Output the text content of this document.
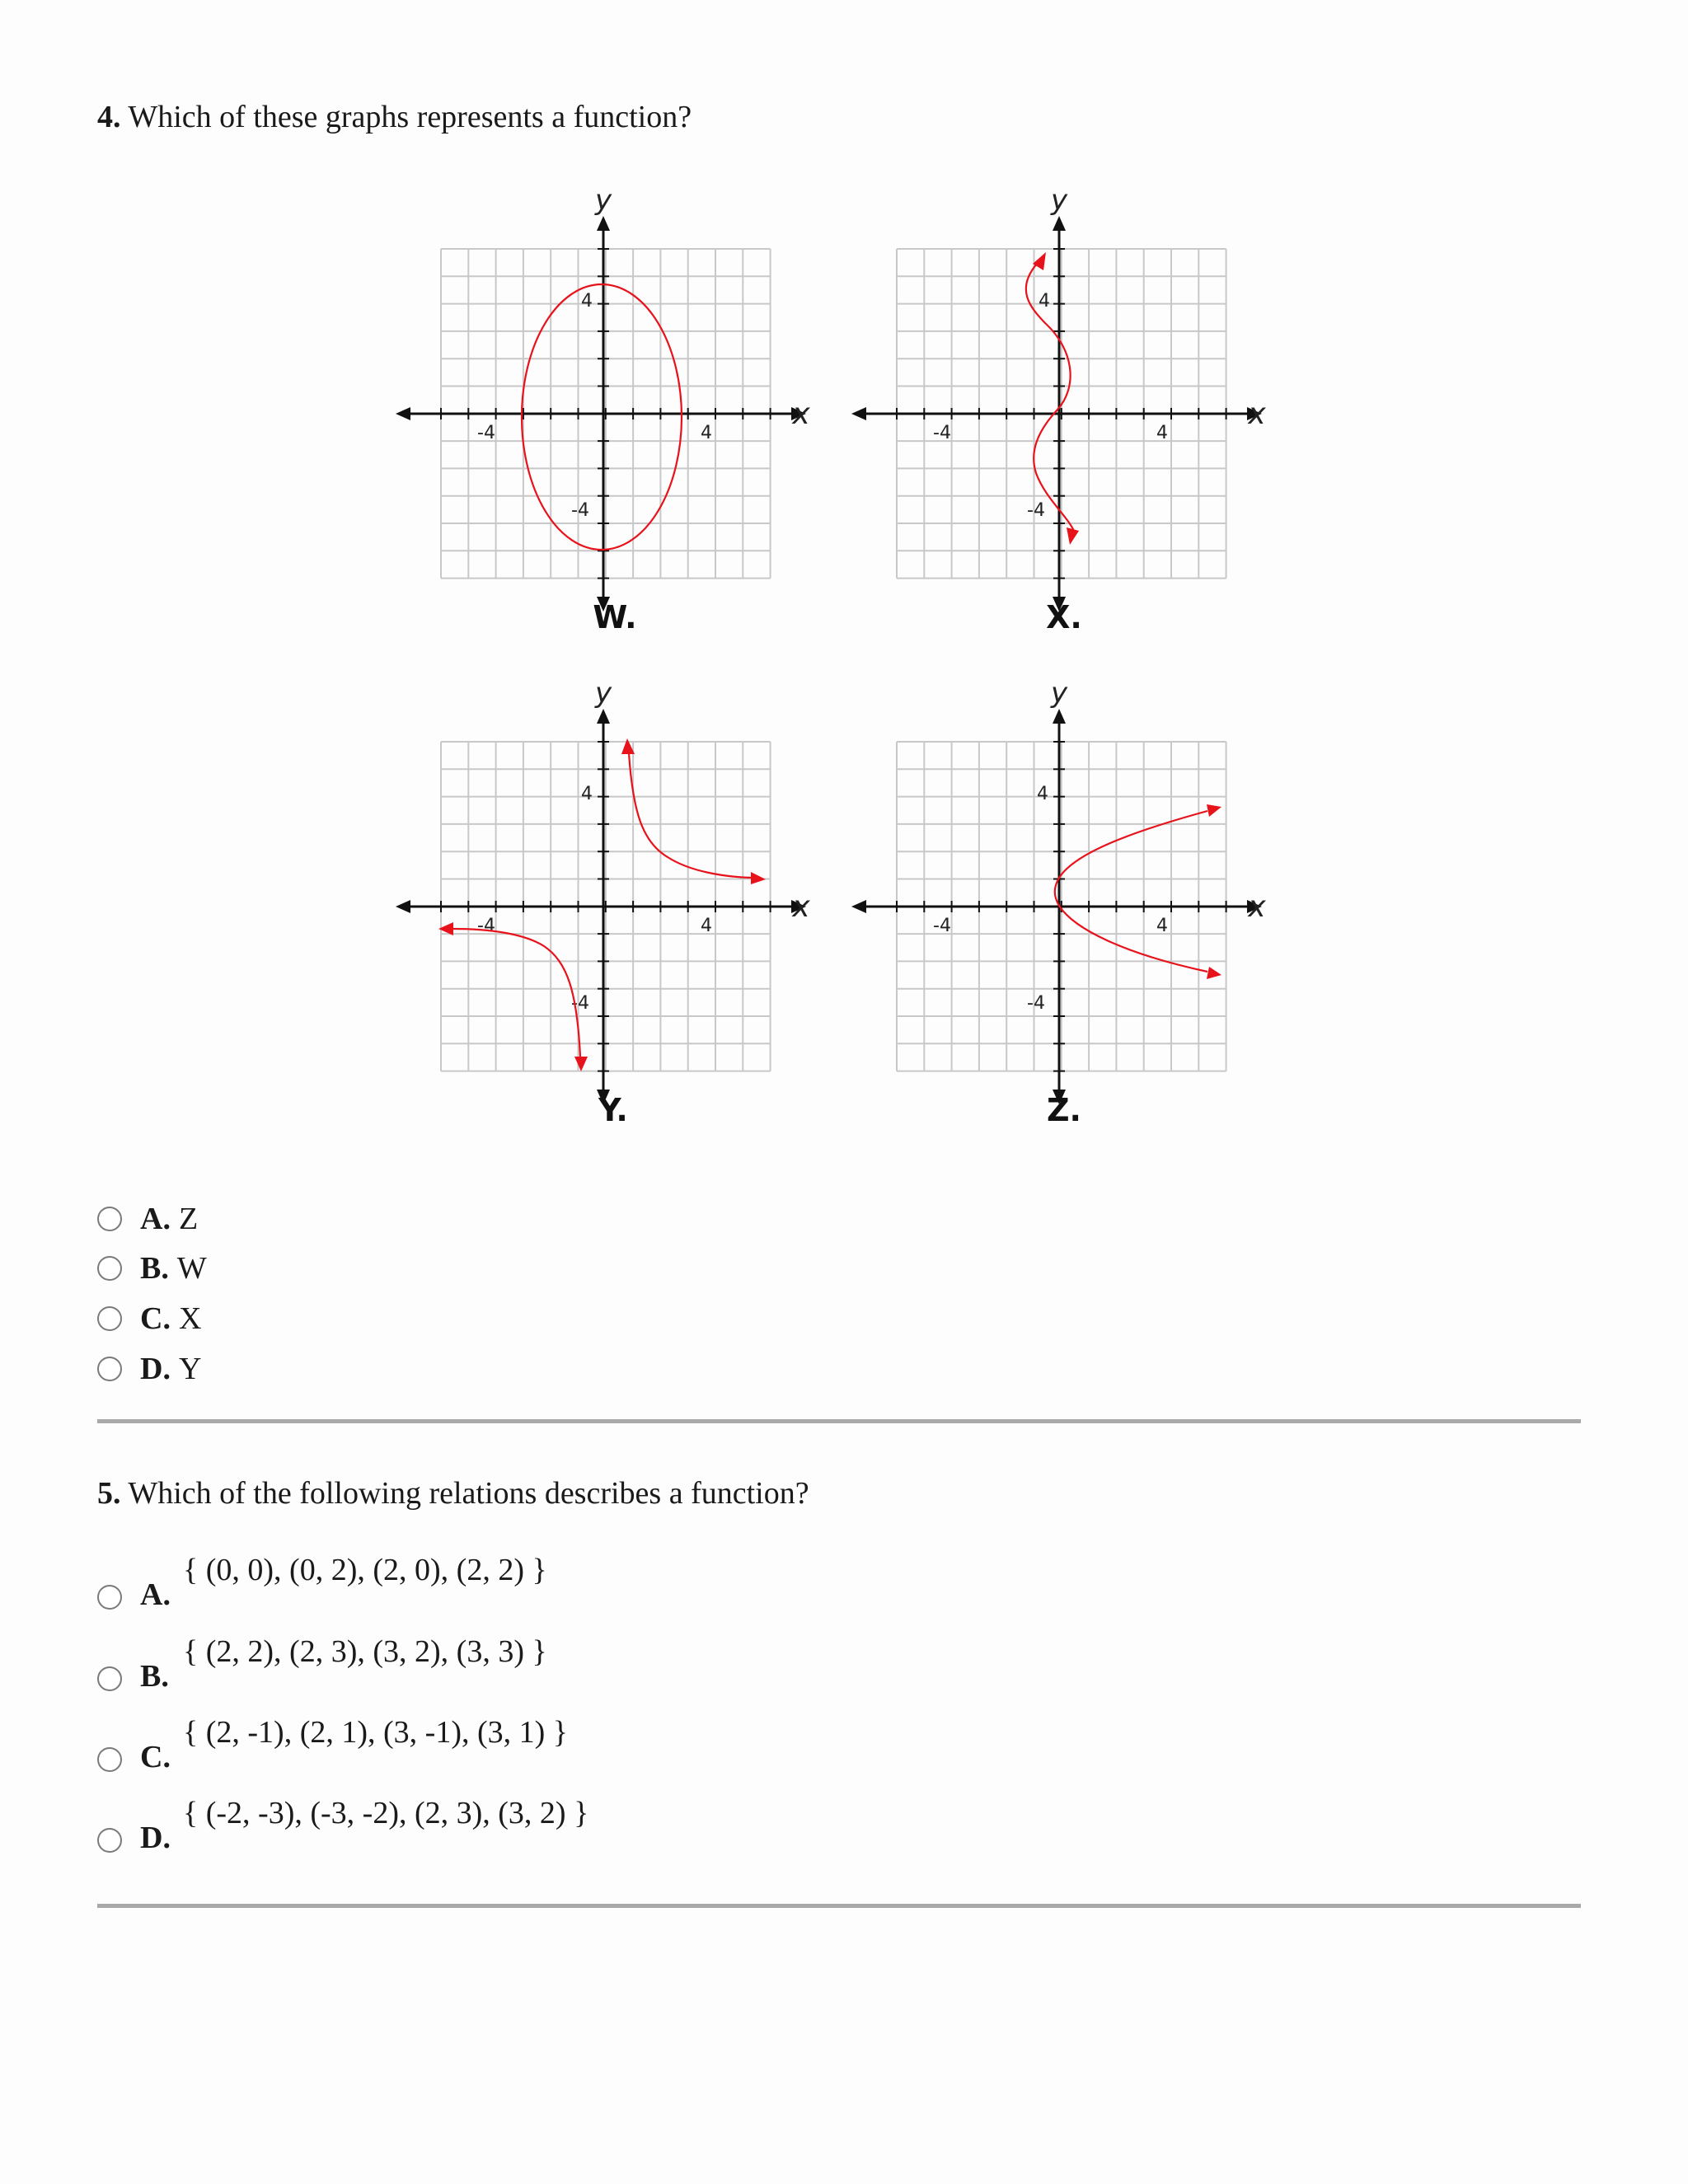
4. Which of these graphs represents a function?
y
x
-4	4
4
-4
W.
y
x
-4	4
4
-4
X.
y
x
-4	4
4
-4
Y.
y
x
-4	4
4
-4
Z.
A. Z
B. W
C. X
D. Y
5. Which of the following relations describes a function?
A.
{ (0, 0), (0, 2), (2, 0), (2, 2) }
B.
{ (2, 2), (2, 3), (3, 2), (3, 3) }
C.
{ (2, -1), (2, 1), (3, -1), (3, 1) }
D.
{ (-2, -3), (-3, -2), (2, 3), (3, 2) }
